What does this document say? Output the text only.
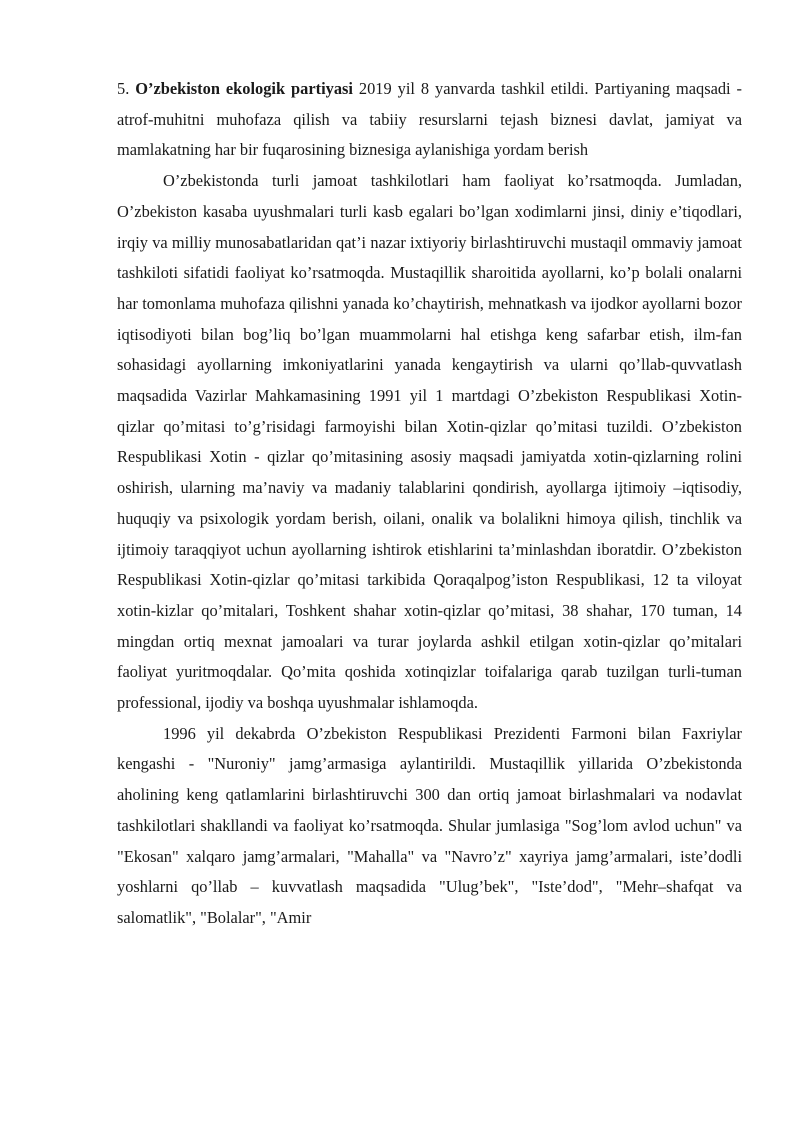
5. O’zbekiston ekologik partiyasi 2019 yil 8 yanvarda tashkil etildi. Partiyaning maqsadi - atrof-muhitni muhofaza qilish va tabiiy resurslarni tejash biznesi davlat, jamiyat va mamlakatning har bir fuqarosining biznesiga aylanishiga yordam berish

O’zbekistonda turli jamoat tashkilotlari ham faoliyat ko’rsatmoqda. Jumladan, O’zbekiston kasaba uyushmalari turli kasb egalari bo’lgan xodimlarni jinsi, diniy e’tiqodlari, irqiy va milliy munosabatlaridan qat’i nazar ixtiyoriy birlashtiruvchi mustaqil ommaviy jamoat tashkiloti sifatidi faoliyat ko’rsatmoqda. Mustaqillik sharoitida ayollarni, ko’p bolali onalarni har tomonlama muhofaza qilishni yanada ko’chaytirish, mehnatkash va ijodkor ayollarni bozor iqtisodiyoti bilan bog’liq bo’lgan muammolarni hal etishga keng safarbar etish, ilm-fan sohasidagi ayollarning imkoniyatlarini yanada kengaytirish va ularni qo’llab-quvvatlash maqsadida Vazirlar Mahkamasining 1991 yil 1 martdagi O’zbekiston Respublikasi Xotin-qizlar qo’mitasi to’g’risidagi farmoyishi bilan Xotin-qizlar qo’mitasi tuzildi. O’zbekiston Respublikasi Xotin - qizlar qo’mitasining asosiy maqsadi jamiyatda xotin-qizlarning rolini oshirish, ularning ma’naviy va madaniy talablarini qondirish, ayollarga ijtimoiy –iqtisodiy, huquqiy va psixologik yordam berish, oilani, onalik va bolalikni himoya qilish, tinchlik va ijtimoiy taraqqiyot uchun ayollarning ishtirok etishlarini ta’minlashdan iboratdir. O’zbekiston Respublikasi Xotin-qizlar qo’mitasi tarkibida Qoraqalpog’iston Respublikasi, 12 ta viloyat xotin-kizlar qo’mitalari, Toshkent shahar xotin-qizlar qo’mitasi, 38 shahar, 170 tuman, 14 mingdan ortiq mexnat jamoalari va turar joylarda ashkil etilgan xotin-qizlar qo’mitalari faoliyat yuritmoqdalar. Qo’mita qoshida xotinqizlar toifalariga qarab tuzilgan turli-tuman professional, ijodiy va boshqa uyushmalar ishlamoqda.

1996 yil dekabrda O’zbekiston Respublikasi Prezidenti Farmoni bilan Faxriylar kengashi - "Nuroniy" jamg’armasiga aylantirildi. Mustaqillik yillarida O’zbekistonda aholining keng qatlamlarini birlashtiruvchi 300 dan ortiq jamoat birlashmalari va nodavlat tashkilotlari shakllandi va faoliyat ko’rsatmoqda. Shular jumlasiga "Sog’lom avlod uchun" va "Ekosan" xalqaro jamg’armalari, "Mahalla" va "Navro’z" xayriya jamg’armalari, iste’dodli yoshlarni qo’llab – kuvvatlash maqsadida "Ulug’bek", "Iste’dod", "Mehr–shafqat va salomatlik", "Bolalar", "Amir
